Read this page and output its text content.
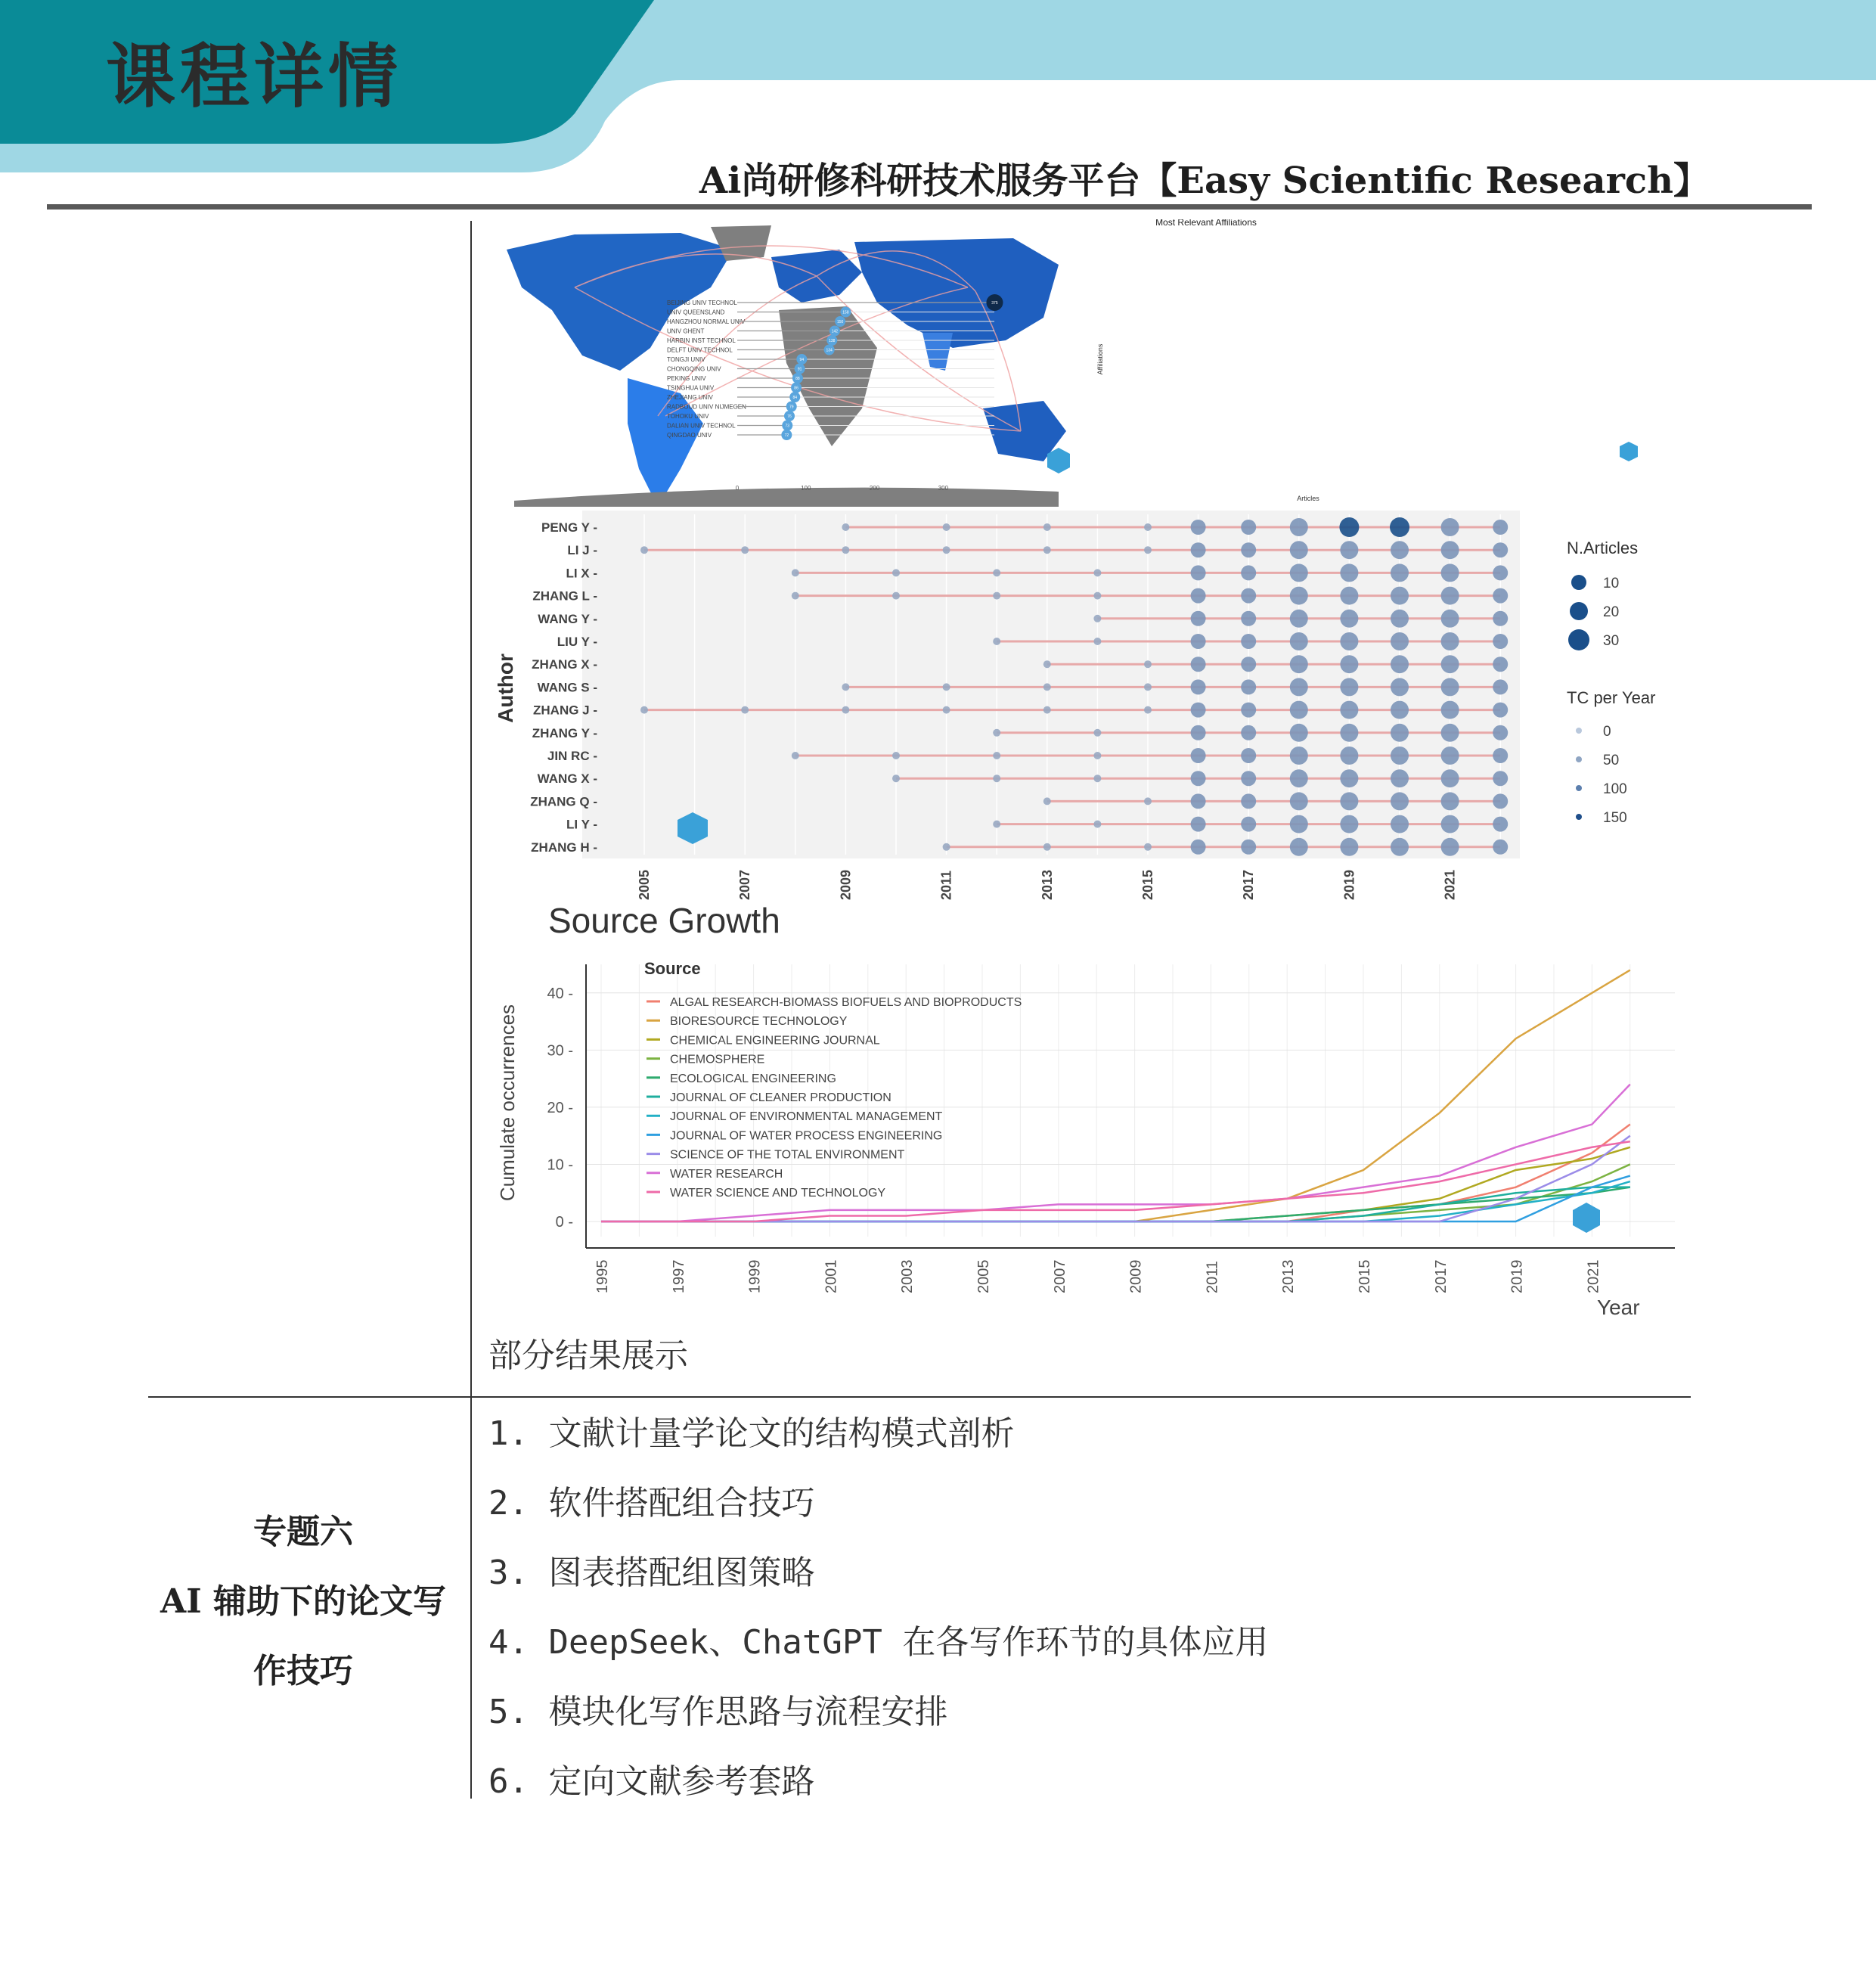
课程详情
Ai尚研修科研技术服务平台【Easy Scientific Research】
Most Relevant Affiliations
Affiliations
Articles
BEIJING UNIV TECHNOL	375
UNIV QUEENSLAND	158
HANGZHOU NORMAL UNIV	150
UNIV GHENT	142
HARBIN INST TECHNOL	138
DELFT UNIV TECHNOL	134
TONGJI UNIV	94
CHONGQING UNIV	91
PEKING UNIV	88
TSINGHUA UNIV	86
ZHEJIANG UNIV	84
RADBOUD UNIV NIJMEGEN	79
TOHOKU UNIV	76
DALIAN UNIV TECHNOL	73
QINGDAO UNIV	72
0	100	200	300
PENG Y -
LI J -
LI X -
ZHANG L -
WANG Y -
LIU Y -
ZHANG X -
WANG S -
ZHANG J -
ZHANG Y -
JIN RC -
WANG X -
ZHANG Q -
LI Y -
ZHANG H -
2005	2007	2009	2011	2013	2015	2017	2019	2021
Author
N.Articles
TC per Year
10
20
30
0
50
100
150
Source Growth
1995	1997	1999	2001	2003	2005	2007	2009	2011	2013	2015	2017	2019	2021
0 -
10 -
20 -
30 -
40 -
Cumulate occurrences
Year
Source
ALGAL RESEARCH-BIOMASS BIOFUELS AND BIOPRODUCTS
BIORESOURCE TECHNOLOGY
CHEMICAL ENGINEERING JOURNAL
CHEMOSPHERE
ECOLOGICAL ENGINEERING
JOURNAL OF CLEANER PRODUCTION
JOURNAL OF ENVIRONMENTAL MANAGEMENT
JOURNAL OF WATER PROCESS ENGINEERING
SCIENCE OF THE TOTAL ENVIRONMENT
WATER RESEARCH
WATER SCIENCE AND TECHNOLOGY
部分结果展示
专题六
AI 辅助下的论文写
作技巧
1. 文献计量学论文的结构模式剖析
2. 软件搭配组合技巧
3. 图表搭配组图策略
4. DeepSeek、ChatGPT 在各写作环节的具体应用
5. 模块化写作思路与流程安排
6. 定向文献参考套路
